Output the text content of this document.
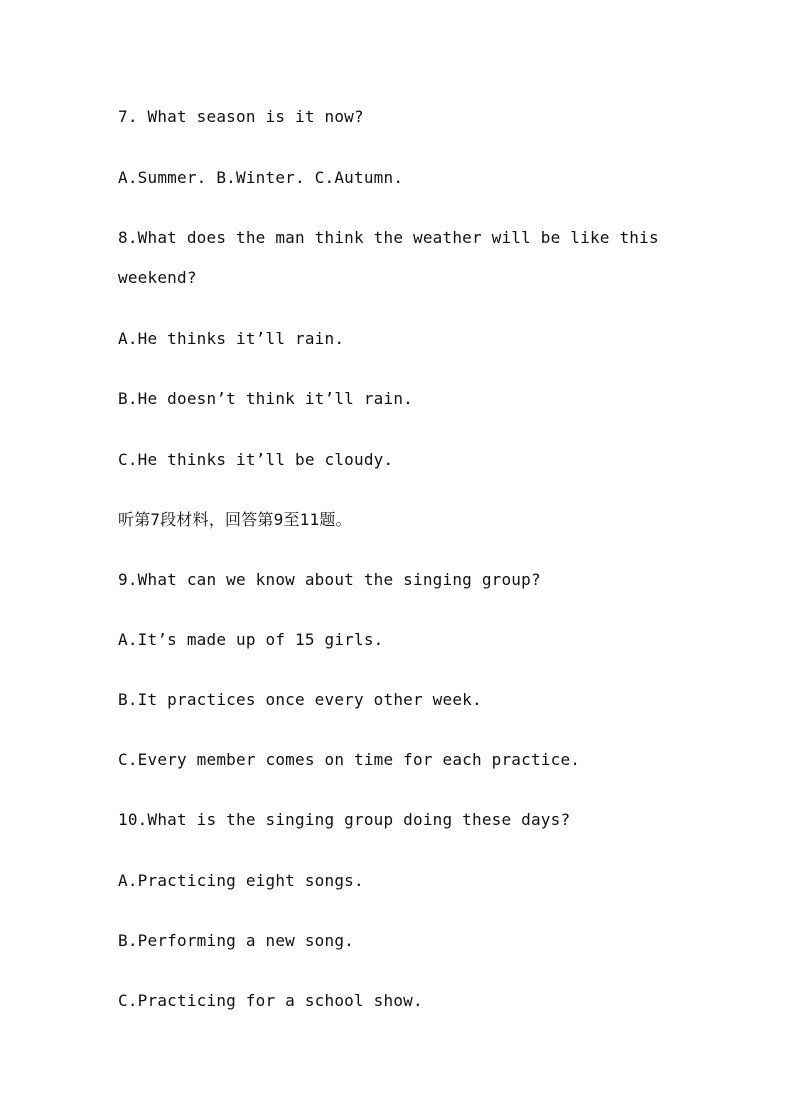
7. What season is it now?
A.Summer. B.Winter. C.Autumn.
8.What does the man think the weather will be like this
weekend?
A.He thinks it’ll rain.
B.He doesn’t think it’ll rain.
C.He thinks it’ll be cloudy.
听第7段材料，回答第9至11题。
9.What can we know about the singing group?
A.It’s made up of 15 girls.
B.It practices once every other week.
C.Every member comes on time for each practice.
10.What is the singing group doing these days?
A.Practicing eight songs.
B.Performing a new song.
C.Practicing for a school show.
